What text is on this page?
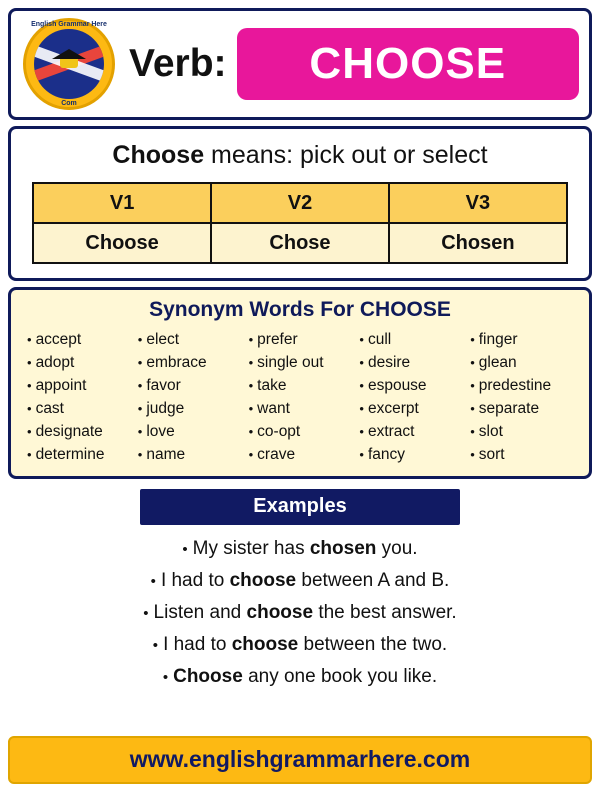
English Grammar Here
Com
Verb: CHOOSE
Choose means: pick out or select
V1	V2	V3
Choose	Chose	Chosen
Synonym Words For CHOOSE
• accept
• adopt
• appoint
• cast
• designate
• determine
• elect
• embrace
• favor
• judge
• love
• name
• prefer
• single out
• take
• want
• co-opt
• crave
• cull
• desire
• espouse
• excerpt
• extract
• fancy
• finger
• glean
• predestine
• separate
• slot
• sort
Examples
• My sister has chosen you.
• I had to choose between A and B.
• Listen and choose the best answer.
• I had to choose between the two.
• Choose any one book you like.
www.englishgrammarhere.com
